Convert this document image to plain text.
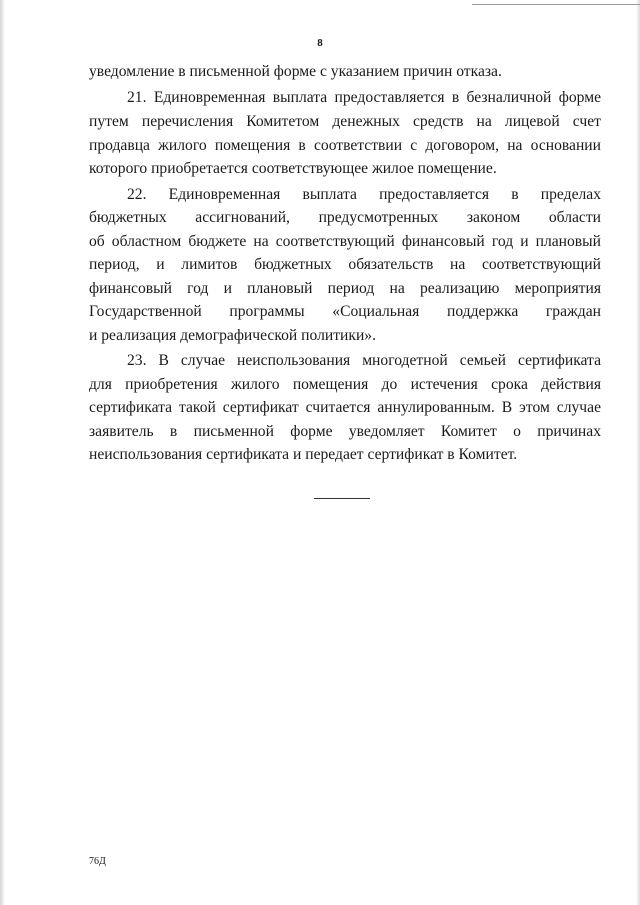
8
уведомление в письменной форме с указанием причин отказа.
21. Единовременная выплата предоставляется в безналичной форме
путем перечисления Комитетом денежных средств на лицевой счет
продавца жилого помещения в соответствии с договором, на основании
которого приобретается соответствующее жилое помещение.
22. Единовременная выплата предоставляется в пределах
бюджетных ассигнований, предусмотренных законом области
об областном бюджете на соответствующий финансовый год и плановый
период, и лимитов бюджетных обязательств на соответствующий
финансовый год и плановый период на реализацию мероприятия
Государственной программы «Социальная поддержка граждан
и реализация демографической политики».
23. В случае неиспользования многодетной семьей сертификата
для приобретения жилого помещения до истечения срока действия
сертификата такой сертификат считается аннулированным. В этом случае
заявитель в письменной форме уведомляет Комитет о причинах
неиспользования сертификата и передает сертификат в Комитет.
76Д
